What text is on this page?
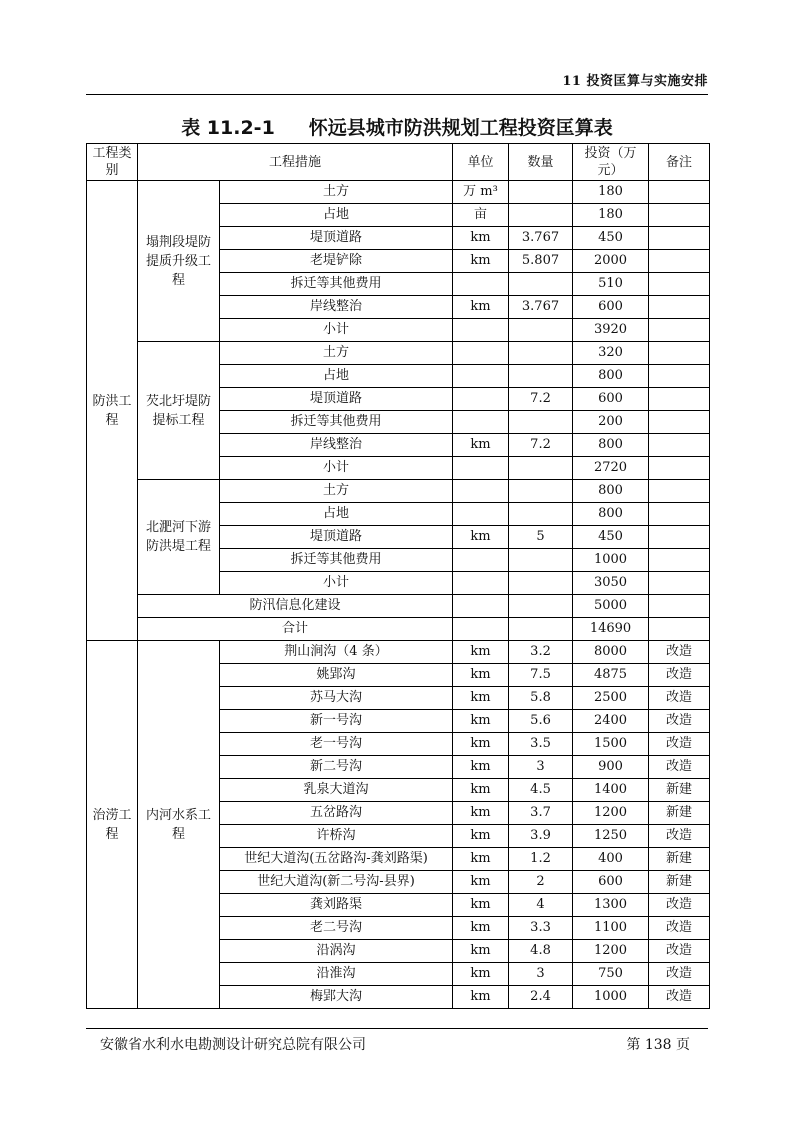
11 投资匡算与实施安排
表 11.2-1 怀远县城市防洪规划工程投资匡算表
工程类别	工程措施		单位	数量	投资（万元）	备注
防洪工程	塌荆段堤防提质升级工程	土方	万 m³		180	
		占地	亩		180	
		堤顶道路	km	3.767	450	
		老堤铲除	km	5.807	2000	
		拆迁等其他费用			510	
		岸线整治	km	3.767	600	
		小计			3920	
	芡北圩堤防提标工程	土方			320	
		占地			800	
		堤顶道路		7.2	600	
		拆迁等其他费用			200	
		岸线整治	km	7.2	800	
		小计			2720	
	北淝河下游防洪堤工程	土方			800	
		占地			800	
		堤顶道路	km	5	450	
		拆迁等其他费用			1000	
		小计			3050	
	防汛信息化建设				5000	
	合计				14690	
治涝工程	内河水系工程	荆山涧沟（4 条）	km	3.2	8000	改造
		姚郢沟	km	7.5	4875	改造
		苏马大沟	km	5.8	2500	改造
		新一号沟	km	5.6	2400	改造
		老一号沟	km	3.5	1500	改造
		新二号沟	km	3	900	改造
		乳泉大道沟	km	4.5	1400	新建
		五岔路沟	km	3.7	1200	新建
		许桥沟	km	3.9	1250	改造
		世纪大道沟(五岔路沟-龚刘路渠)	km	1.2	400	新建
		世纪大道沟(新二号沟-县界)	km	2	600	新建
		龚刘路渠	km	4	1300	改造
		老二号沟	km	3.3	1100	改造
		沿涡沟	km	4.8	1200	改造
		沿淮沟	km	3	750	改造
		梅郢大沟	km	2.4	1000	改造
安徽省水利水电勘测设计研究总院有限公司	第 138 页
